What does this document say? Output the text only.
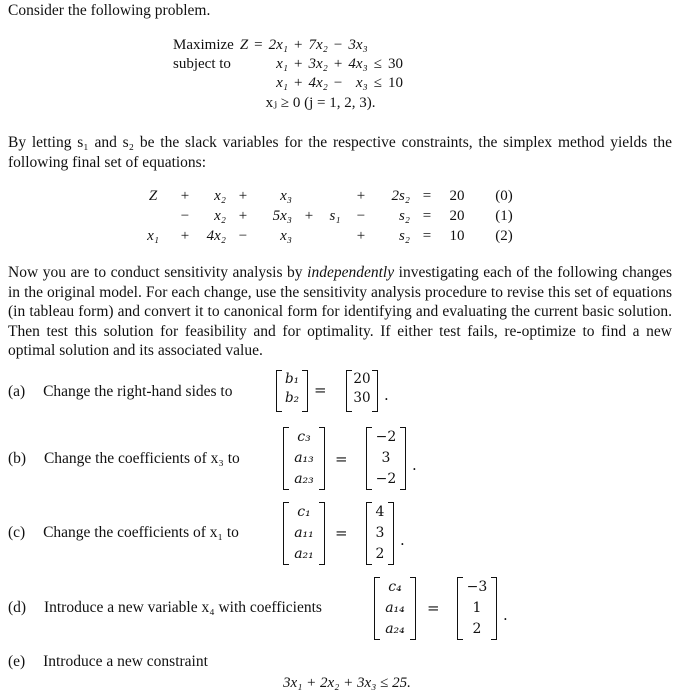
Consider the following problem.
Maximize	Z	=	2x₁	+	7x₂	−	3x₃		
subject to			x₁	+	3x₂	+	4x₃	≤	30
			x₁	+	4x₂	−	x₃	≤	10
			xⱼ ≥ 0 (j = 1, 2, 3).						

By letting s₁ and s₂ be the slack variables for the respective constraints, the simplex method yields the following final set of equations:

Z	+	x₂	+	x₃			+	2s₂	=	20	(0)
	−	x₂	+	5x₃	+	s₁	−	s₂	=	20	(1)
x₁	+	4x₂	−	x₃			+	s₂	=	10	(2)

Now you are to conduct sensitivity analysis by independently investigating each of the following changes in the original model. For each change, use the sensitivity analysis procedure to revise this set of equations (in tableau form) and convert it to canonical form for identifying and evaluating the current basic solution. Then test this solution for feasibility and for optimality. If either test fails, re-optimize to find a new optimal solution and its associated value.

(a) Change the right-hand sides to
b₁
b₂ =
20
30 .
(b) Change the coefficients of x₃ to
c₃
a₁₃
a₂₃
=
−2
3
−2
.
(c) Change the coefficients of x₁ to
c₁
a₁₁
a₂₁
=
4
3
2
.
(d) Introduce a new variable x₄ with coefficients
c₄
a₁₄
a₂₄
=
−3
1
2
.
(e) Introduce a new constraint
3x₁ + 2x₂ + 3x₃ ≤ 25.
